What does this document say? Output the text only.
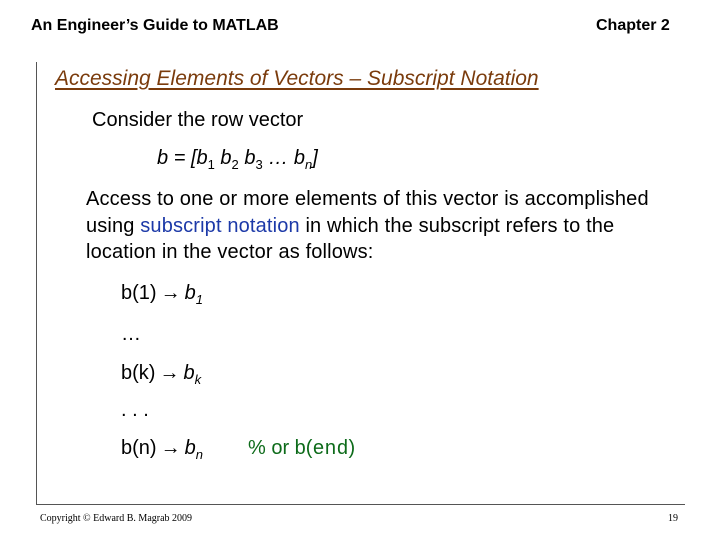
An Engineer’s Guide to MATLAB	Chapter 2
Accessing Elements of Vectors – Subscript Notation
Consider the row vector
$b = [b_1$ $b_2$ $b_3$ … $b_n$]
Access to one or more elements of this vector is accomplished using subscript notation in which the subscript refers to the location in the vector as follows:
$b(1) \to b_1$
…
$b(k) \to b_k$
. . .
$b(n) \to b_n$ % or b(end)
Copyright © Edward B. Magrab 2009	19
